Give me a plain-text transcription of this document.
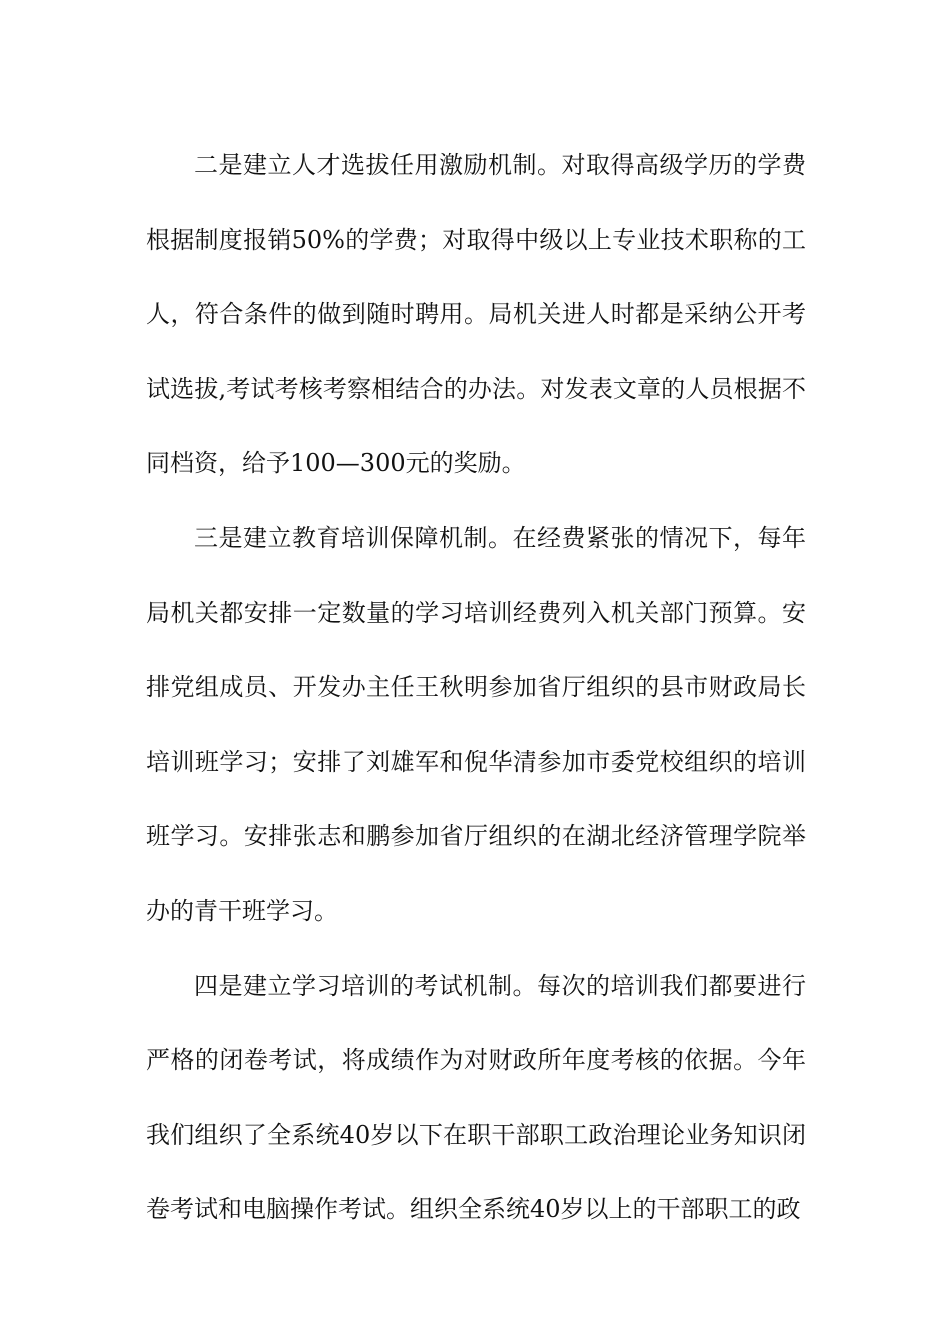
二是建立人才选拔任用激励机制。对取得高级学历的学费根据制度报销50%的学费；对取得中级以上专业技术职称的工人，符合条件的做到随时聘用。局机关进人时都是采纳公开考试选拔,考试考核考察相结合的办法。对发表文章的人员根据不同档资，给予100—300元的奖励。

三是建立教育培训保障机制。在经费紧张的情况下，每年局机关都安排一定数量的学习培训经费列入机关部门预算。安排党组成员、开发办主任王秋明参加省厅组织的县市财政局长培训班学习；安排了刘雄军和倪华清参加市委党校组织的培训班学习。安排张志和鹏参加省厅组织的在湖北经济管理学院举办的青干班学习。

四是建立学习培训的考试机制。每次的培训我们都要进行严格的闭卷考试，将成绩作为对财政所年度考核的依据。今年我们组织了全系统40岁以下在职干部职工政治理论业务知识闭卷考试和电脑操作考试。组织全系统40岁以上的干部职工的政
